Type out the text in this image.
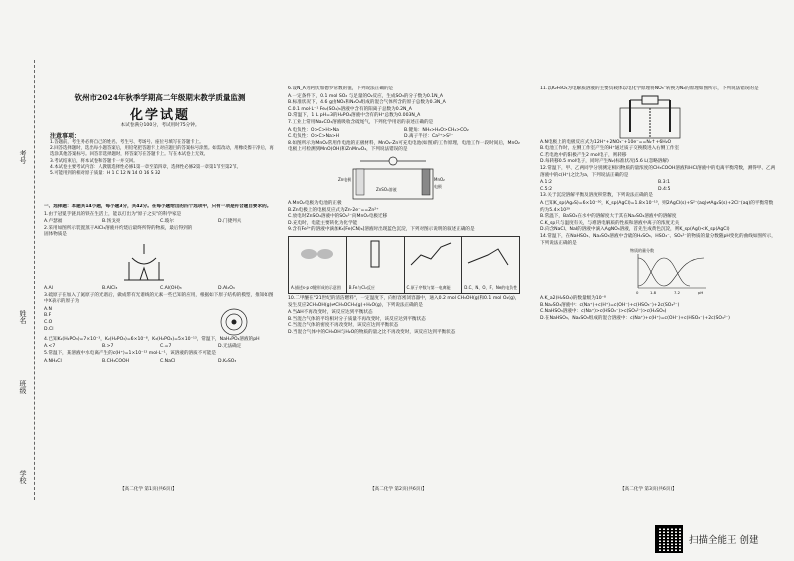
考号
姓名
班级
学校
钦州市2024年秋季学期高二年级期末教学质量监测
化学试题
本试卷满分100分，考试用时75分钟。
注意事项：
1.答题前，考生务必将自己的姓名、考生号、考场号、座位号填写在答题卡上。
2.回答选择题时，选出每小题答案后，用铅笔把答题卡上对应题目的答案标号涂黑。如需改动，用橡皮擦干净后，再选涂其他答案标号。回答非选择题时，将答案写在答题卡上。写在本试卷上无效。
3.考试结束后，将本试卷和答题卡一并交回。
4.本试卷主要考试内容：人教版选择性必修1第一章至第四章，选择性必修2第一章第1节至第2节。
5.可能用到的相对原子质量：H 1 C 12 N 14 O 16 S 32
一、选择题：本题共14小题，每小题3分，共42分。在每小题给出的四个选项中，只有一项是符合题目要求的。
1.由于冠冕手链具的铁在生活上，能以打出为"原子之实"的科学家是
A.卢瑟福	B.汤戈亮	C.玻尔	D.门捷列夫
2.采用如图所示装置蒸干AlCl₃溶液并灼烧后最终所得的物质，最后得到的固体物质是
A.Al	B.AlCl₃	C.Al(OH)₃	D.Al₂O₃
3.硫原子在加入了氮原子的光谱后，做成带有光谱线的元素一些已知的应用，根据如下原子结构的模型，推知如图中X表示的原子为
A.N
B.F
C.O
D.Cl
4.已知K₁(H₂PO₃)=7×10⁻³，K₂(H₂PO₃)=6×10⁻⁸，K₃(H₂PO₄)=5×10⁻¹³，常温下，NaH₂PO₄溶液的pH
A.<7	B.>7	C.=7	D.无法确定
5.常温下，某溶液中水电离产生的c(H⁺)=1×10⁻¹³ mol·L⁻¹，该溶液的溶质不可能是
A.NH₄Cl	B.CH₃COOH	C.NaCl	D.K₂SO₃
6.设N_A为阿伏加德罗常数的值，下列说法正确的是
A.一定条件下，0.1 mol SO₂ 与足量的O₂反应，生成SO₃的分子数为0.1N_A
B.标准状况下，4.6 g由NO₂和N₂O₄组成的混合气体所含的原子总数为0.3N_A
C.0.1 mol·L⁻¹ Fe₂(SO₄)₃溶液中含有的阳离子总数为0.2N_A
D.常温下，1 L pH=3的H₂PO₄溶液中含有的H⁺总数为0.003N_A
7.工业上常用Na₂CO₃溶液吸收含硫尾气，下列化学用语的表述正确的是
A.电负性：O>C>H>Na	B.键角：NH₃>H₂O>CH₄>CO₂
C.电负性：O>C>Na>H	D.离子半径：Ca²⁺>S²⁻
8.如图所示为MnO₂常用作电池的正极材料，MnO₂-Zn可充电电池(如图)的工作原理，电池工作一段时间后，MnO₂电极上可检测到MnO(OH)和ZnMn₂O₄，下列说法错误的是
Zn电极
ZnSO₄溶液
MnO₂电极
A.MnO₂电极为电池的正极
B.Zn电极上的电极反应式为Zn-2e⁻==Zn²⁺
C.放电时ZnSO₄溶液中的SO₄²⁻向MnO₂电极迁移
D.充电时，电能主要转化为化学能
9.含有Fe³⁺的溶液中滴加K₃[Fe(CN)₆]溶液时出现蓝色沉淀，下列对图示说明的叙述正确的是
A.描述s-p σ键形成的示意图 B.Fe与Cl₂反应	C.原子序数与第一电离能	D.C、N、O、F、Ne的电负性
10.二甲醚在"21世纪的清洁燃料"，一定温度下，向恒容密闭容器中，通入0.2 mol CH₃OH(g)和0.1 mol O₂(g)，发生反应2CH₃OH(g)⇌CH₃OCH₃(g)+H₂O(g)，下列说法正确的是
A.当ΔH不再改变时，该反应达到平衡状态
B.当混合气体的平均相对分子质量不再改变时，该反应达到平衡状态
C.当混合气体的密度不再改变时，该反应达到平衡状态
D.当混合气体中的CH₃OH与H₂O的物质的量之比不再改变时，该反应达到平衡状态
11.以K₂FeO₄为电解质溶液的主要负载体以电化学原理将NO₃⁻转换为N₂的原理如图所示，下列说法错误的是
A.N电极上的电极反应式为12H⁺+2NO₃⁻+10e⁻==N₂↑+6H₂O
B.电池工作时，左侧工作室产生的H⁺通过质子交换膜进入右侧工作室
C.若电池中的阳极产生2 mol电子，则转移
D.每转移0.5 mol电子，同时产生N₂(标准状况)5.6 L(忽略溶解)
12.常温下，甲、乙两同学分别测定相同物质的量浓度的CH₃COOH溶液和HCl溶液中的电离平衡常数，测得甲、乙两溶液中的c(H⁺)之比为a，下列说法正确的是
A.1:2	B.3:1
C.5:2	D.4:5
13.关于沉淀溶解平衡及溶度积常数，下列说法正确的是
A.已知K_sp(Ag₂S)=6×10⁻⁵⁰，K_sp(AgCl)=1.8×10⁻¹⁰，则2AgCl(s)+S²⁻(aq)⇌Ag₂S(s)+2Cl⁻(aq)的平衡常数约为5.4×10²⁹
B.常温下，BaSO₄在水中的溶解度大于其在Na₂SO₄溶液中的溶解度
C.K_sp只与温度有关，与难溶电解质的性质和溶液中离子的浓度无关
D.向含NaCl、NaI的溶液中滴入AgNO₃溶液，首先生成黄色沉淀，则K_sp(AgI)<K_sp(AgCl)
14.常温下，在NaHSO₃、Na₂SO₃溶液中含硫的H₂SO₃、HSO₃⁻、SO₃²⁻的物质的量分数随pH变化的曲线如图所示，下列说法正确的是
物质的量分数
0	1.8	7.2	pH
A.K_a2(H₂SO₃)的数量级为10⁻⁸
B.Na₂SO₃溶液中：c(Na⁺)+c(H⁺)=c(OH⁻)+c(HSO₃⁻)+2c(SO₃²⁻)
C.NaHSO₃溶液中：c(Na⁺)>c(HSO₃⁻)>c(SO₃²⁻)>c(H₂SO₃)
D.在NaHSO₃、Na₂SO₃组成的混合溶液中：c(Na⁺)+c(H⁺)=c(OH⁻)+c(HSO₃⁻)+2c(SO₃²⁻)
【高二化学 第1页(共6页)】	【高二化学 第2页(共6页)】	【高二化学 第3页(共6页)】
扫描全能王 创建
